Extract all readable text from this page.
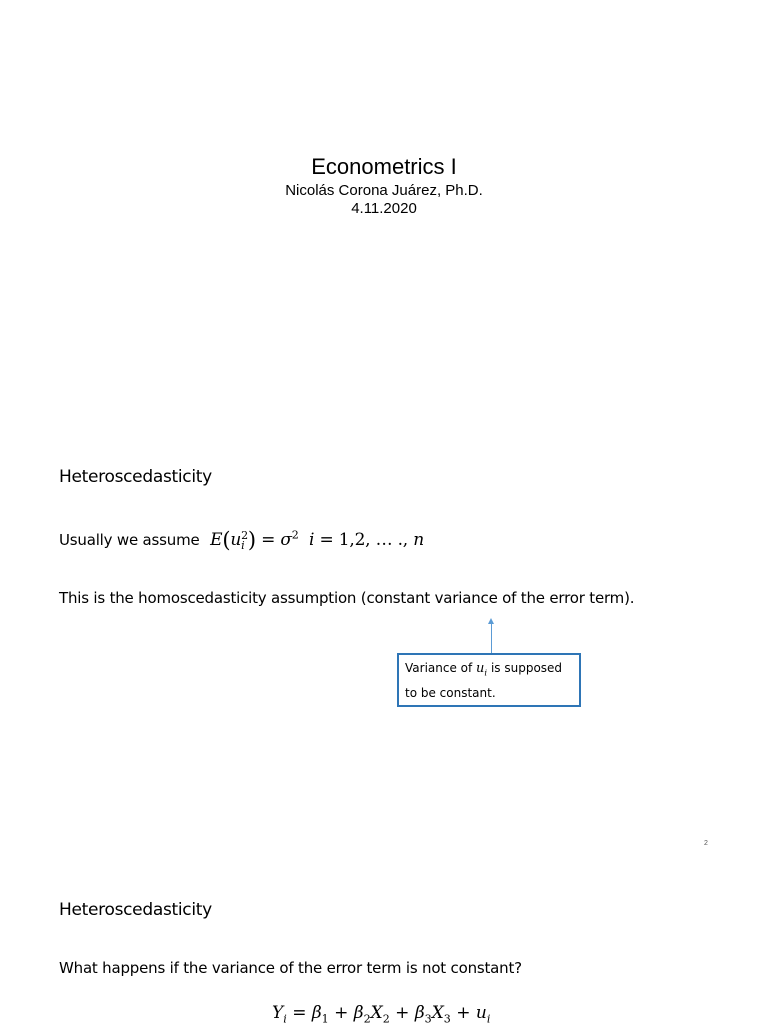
Econometrics I
Nicolás Corona Juárez, Ph.D.
4.11.2020
Heteroscedasticity
Usually we assume E(u 2
i ) = $\sigma^2$  i = 1,2, … ., n
This is the homoscedasticity assumption (constant variance of the error term).
Variance of $u_i$ is supposed
to be constant.
2
Heteroscedasticity
What happens if the variance of the error term is not constant?
$Y_i = \beta_1 + \beta_2X_2 + \beta_3X_3 + u_i$
